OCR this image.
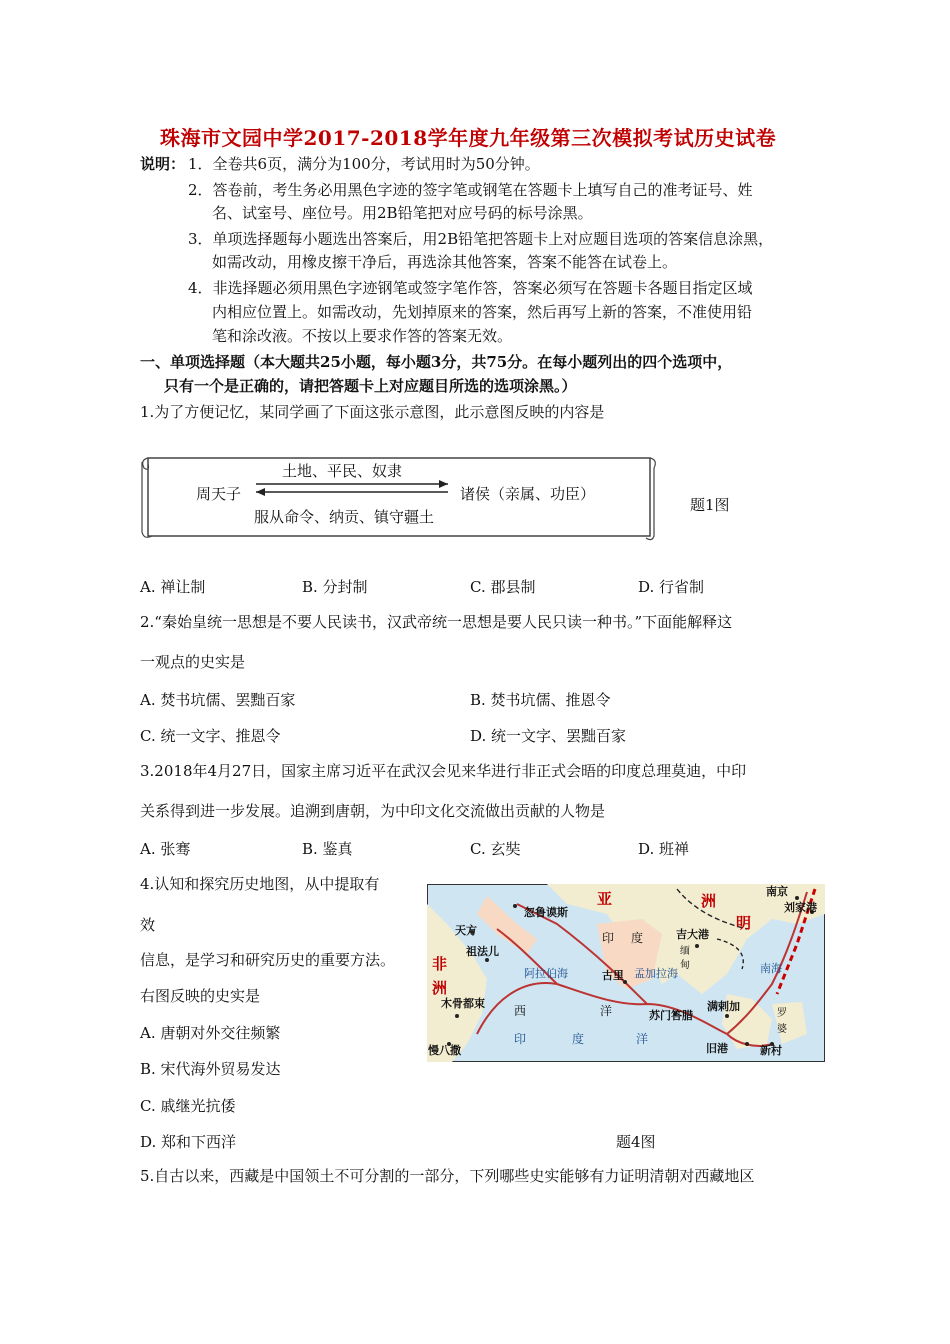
珠海市文园中学2017-2018学年度九年级第三次模拟考试历史试卷
说明： 1．全卷共6页，满分为100分，考试用时为50分钟。
2．答卷前，考生务必用黑色字迹的签字笔或钢笔在答题卡上填写自己的准考证号、姓
名、试室号、座位号。用2B铅笔把对应号码的标号涂黑。
3．单项选择题每小题选出答案后，用2B铅笔把答题卡上对应题目选项的答案信息涂黑，
如需改动，用橡皮擦干净后，再选涂其他答案，答案不能答在试卷上。
4．非选择题必须用黑色字迹钢笔或签字笔作答，答案必须写在答题卡各题目指定区域
内相应位置上。如需改动，先划掉原来的答案，然后再写上新的答案，不准使用铅
笔和涂改液。不按以上要求作答的答案无效。
一、单项选择题（本大题共25小题，每小题3分，共75分。在每小题列出的四个选项中，
只有一个是正确的，请把答题卡上对应题目所选的选项涂黑。）
1.为了方便记忆，某同学画了下面这张示意图，此示意图反映的内容是
周天子	诸侯（亲属、功臣）
土地、平民、奴隶
服从命令、纳贡、镇守疆土
题1图
A. 禅让制	B. 分封制	C. 郡县制	D. 行省制
2.“秦始皇统一思想是不要人民读书，汉武帝统一思想是要人民只读一种书。”下面能解释这
一观点的史实是
A. 焚书坑儒、罢黜百家	B. 焚书坑儒、推恩令
C. 统一文字、推恩令	D. 统一文字、罢黜百家
3.2018年4月27日，国家主席习近平在武汉会见来华进行非正式会晤的印度总理莫迪，中印
关系得到进一步发展。追溯到唐朝，为中印文化交流做出贡献的人物是
A. 张骞	B. 鉴真	C. 玄奘	D. 班禅
4.认知和探究历史地图，从中提取有
效
信息，是学习和研究历史的重要方法。
右图反映的史实是
A. 唐朝对外交往频繁
B. 宋代海外贸易发达
C. 戚继光抗倭
D. 郑和下西洋	题4图
亚	洲
明
非
洲
南京
刘家港
忽鲁谟斯
天方
祖法儿
印 度	吉大港
缅
甸	南海
阿拉伯海	古里 孟加拉海
木骨都束
西	洋	苏门答腊
满剌加
罗
婆
慢八撒
印	度	洋
旧港	新村
5.自古以来，西藏是中国领土不可分割的一部分，下列哪些史实能够有力证明清朝对西藏地区
